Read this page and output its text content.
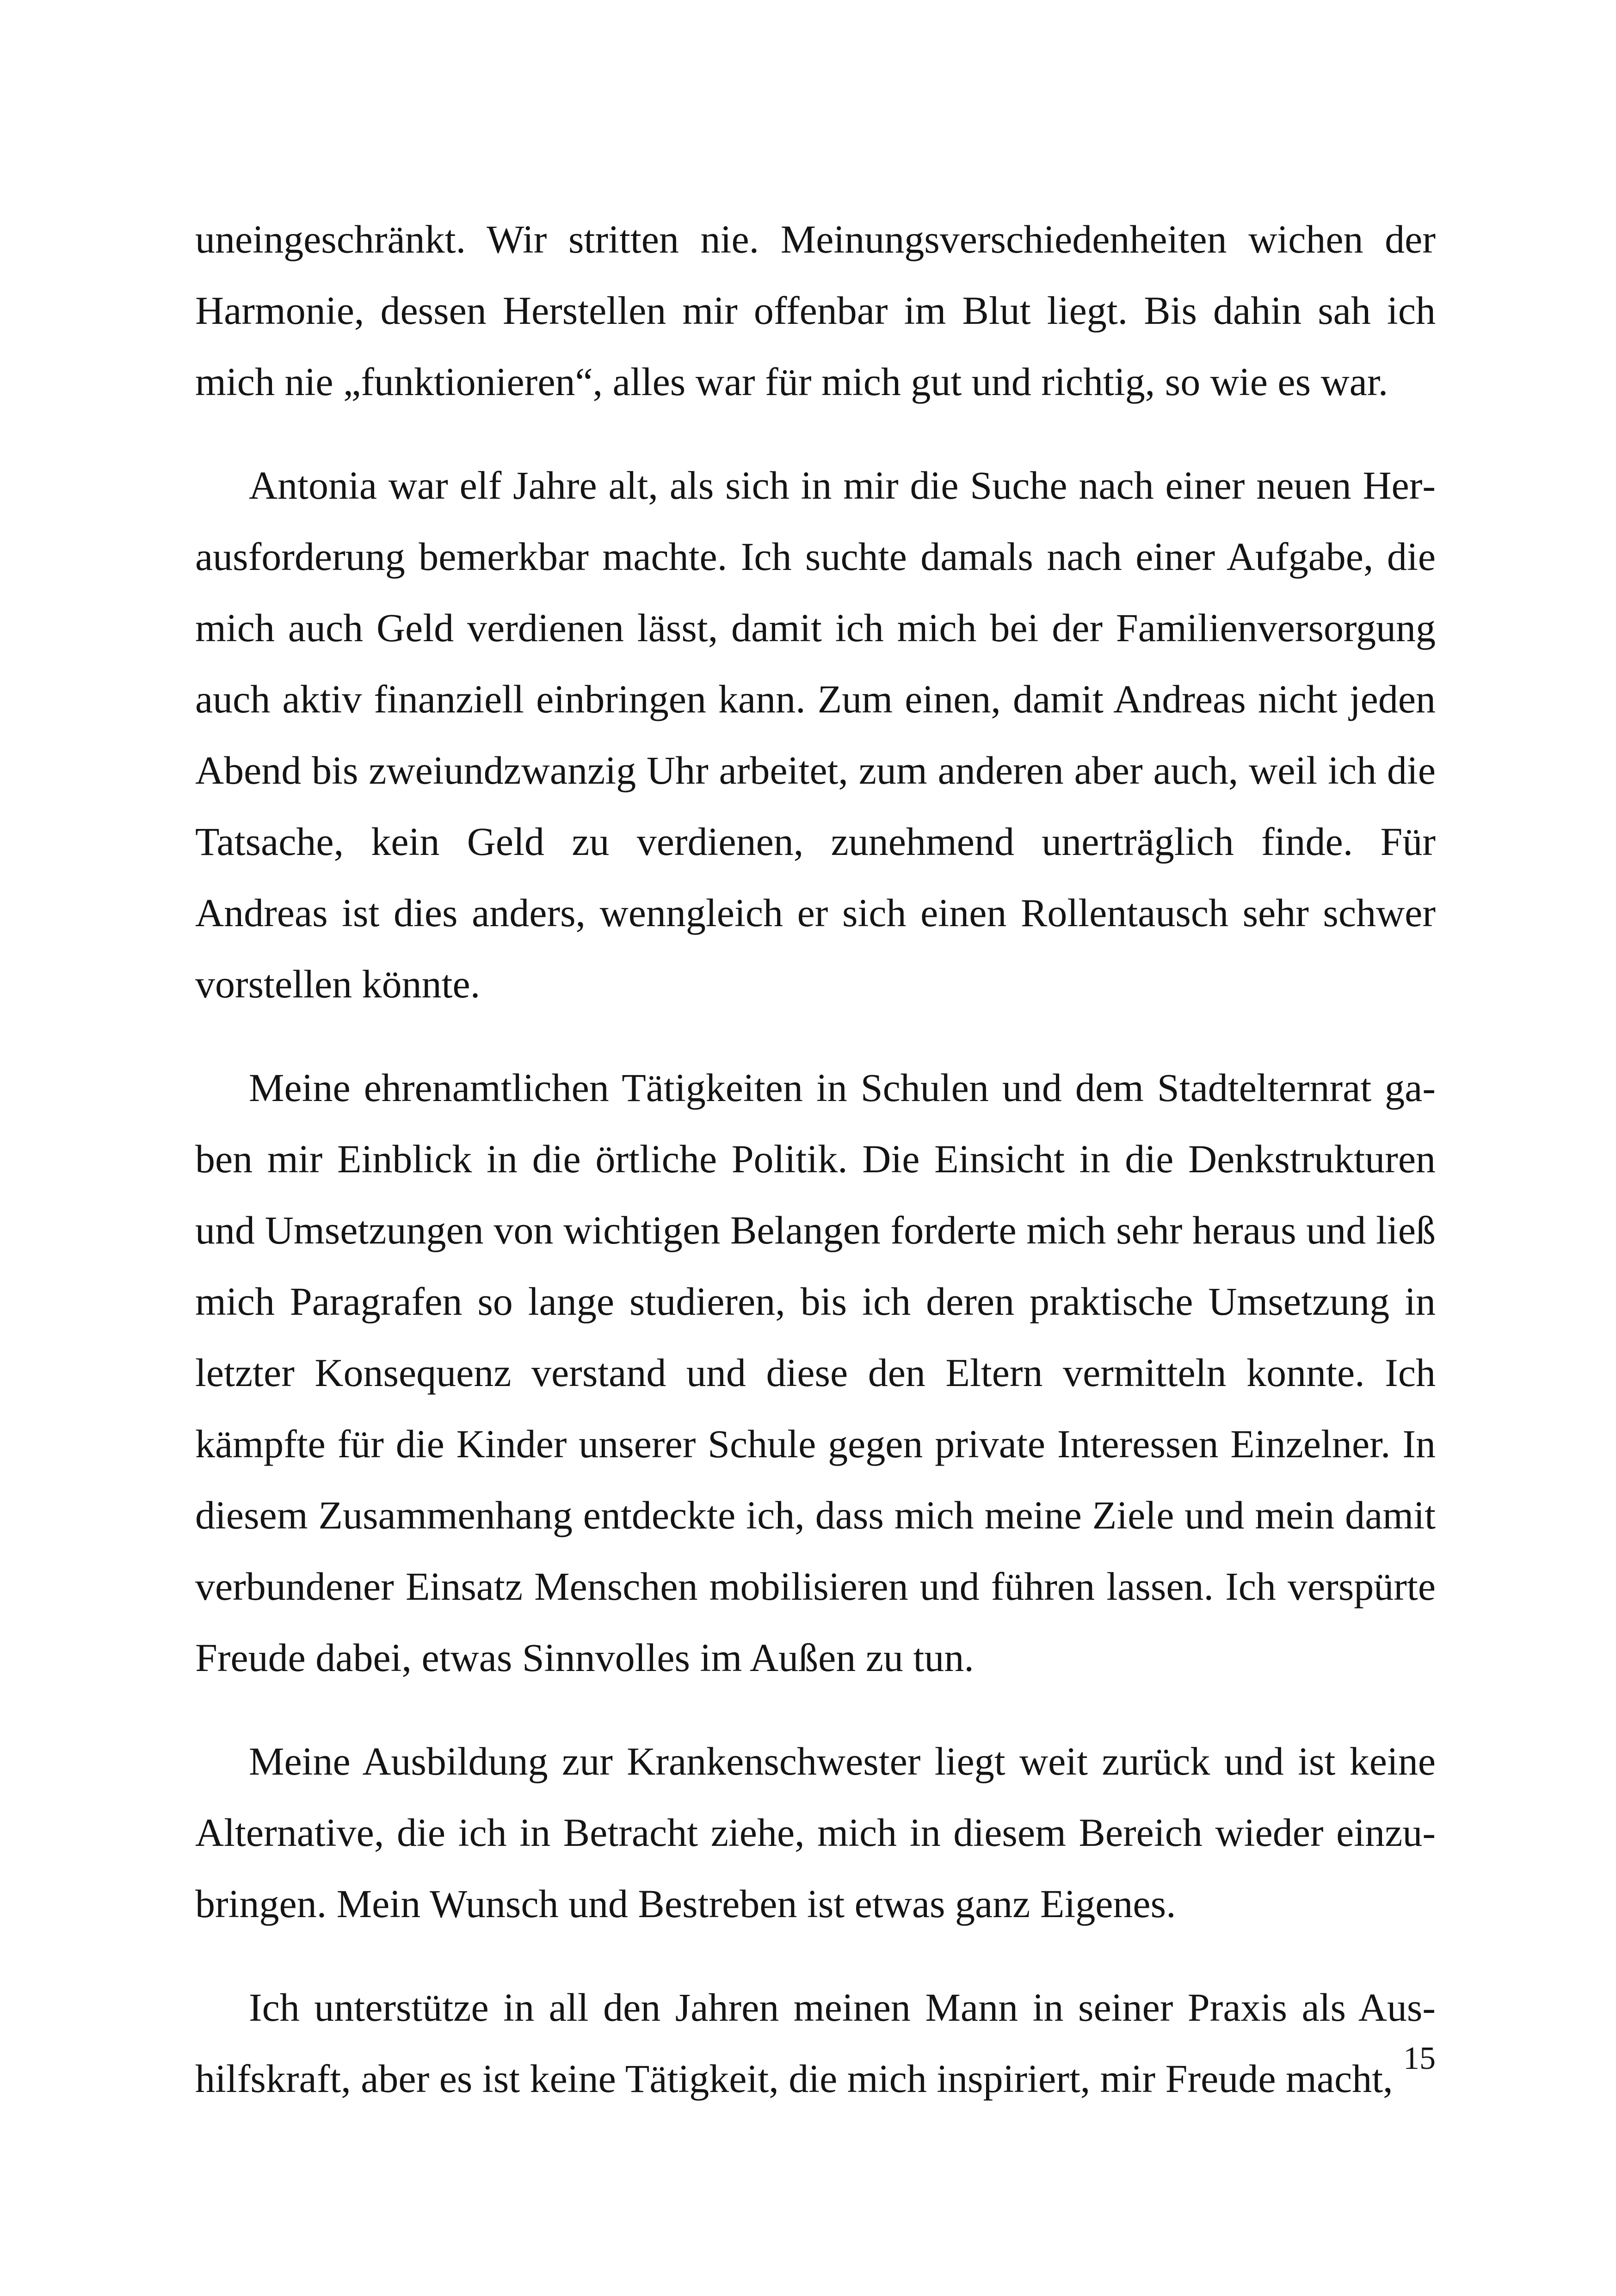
uneingeschränkt. Wir stritten nie. Meinungsverschiedenheiten wichen der Harmonie, dessen Herstellen mir offenbar im Blut liegt. Bis dahin sah ich mich nie „funktionieren“, alles war für mich gut und richtig, so wie es war.

Antonia war elf Jahre alt, als sich in mir die Suche nach einer neuen Herausforderung bemerkbar machte. Ich suchte damals nach einer Aufgabe, die mich auch Geld verdienen lässt, damit ich mich bei der Familienversorgung auch aktiv finanziell einbringen kann. Zum einen, damit Andreas nicht jeden Abend bis zweiundzwanzig Uhr arbeitet, zum anderen aber auch, weil ich die Tatsache, kein Geld zu verdienen, zunehmend unerträglich finde. Für Andreas ist dies anders, wenngleich er sich einen Rollentausch sehr schwer vorstellen könnte.

Meine ehrenamtlichen Tätigkeiten in Schulen und dem Stadtelternrat gaben mir Einblick in die örtliche Politik. Die Einsicht in die Denkstrukturen und Umsetzungen von wichtigen Belangen forderte mich sehr heraus und ließ mich Paragrafen so lange studieren, bis ich deren praktische Umsetzung in letzter Konsequenz verstand und diese den Eltern vermitteln konnte. Ich kämpfte für die Kinder unserer Schule gegen private Interessen Einzelner. In diesem Zusammenhang entdeckte ich, dass mich meine Ziele und mein damit verbundener Einsatz Menschen mobilisieren und führen lassen. Ich verspürte Freude dabei, etwas Sinnvolles im Außen zu tun.

Meine Ausbildung zur Krankenschwester liegt weit zurück und ist keine Alternative, die ich in Betracht ziehe, mich in diesem Bereich wieder einzubringen. Mein Wunsch und Bestreben ist etwas ganz Eigenes.

Ich unterstütze in all den Jahren meinen Mann in seiner Praxis als Aushilfskraft, aber es ist keine Tätigkeit, die mich inspiriert, mir Freude macht, 15
